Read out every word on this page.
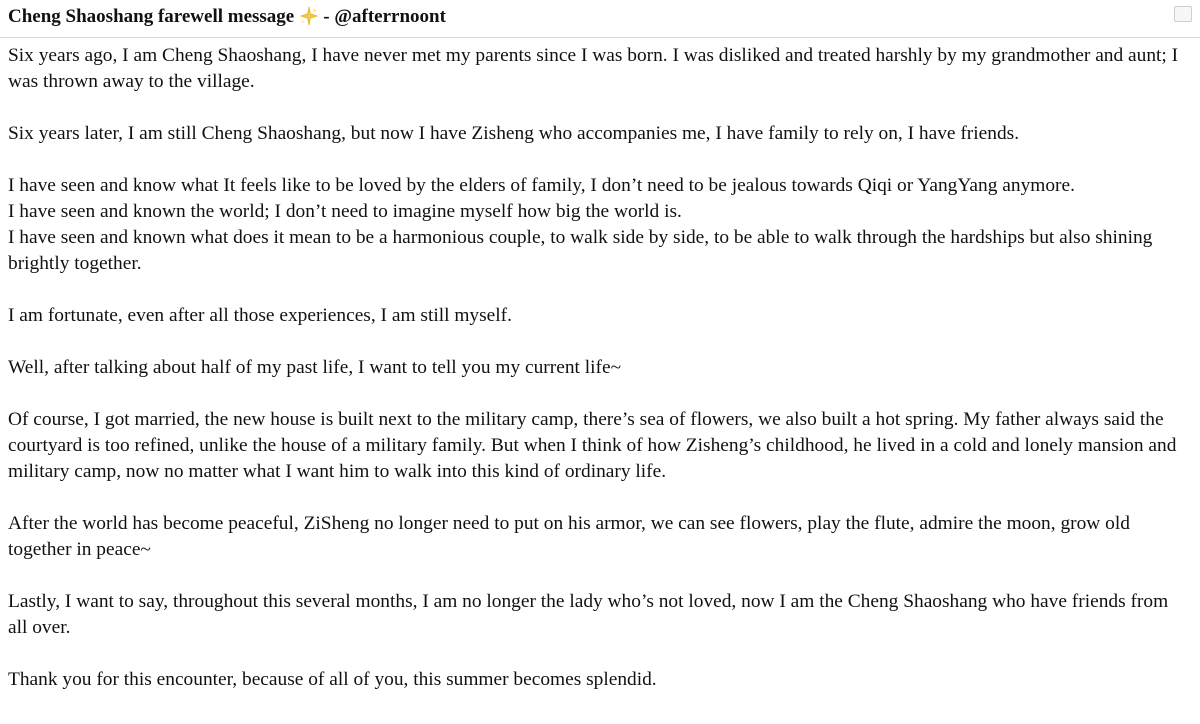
Cheng Shaoshang farewell message - @afterrnoont

Six years ago, I am Cheng Shaoshang, I have never met my parents since I was born. I was disliked and treated harshly by my grandmother and aunt; I was thrown away to the village.

Six years later, I am still Cheng Shaoshang, but now I have Zisheng who accompanies me, I have family to rely on, I have friends.

I have seen and know what It feels like to be loved by the elders of family, I don’t need to be jealous towards Qiqi or YangYang anymore.

I have seen and known the world; I don’t need to imagine myself how big the world is.

I have seen and known what does it mean to be a harmonious couple, to walk side by side, to be able to walk through the hardships but also shining brightly together.

I am fortunate, even after all those experiences, I am still myself.

Well, after talking about half of my past life, I want to tell you my current life~

Of course, I got married, the new house is built next to the military camp, there’s sea of flowers, we also built a hot spring. My father always said the courtyard is too refined, unlike the house of a military family. But when I think of how Zisheng’s childhood, he lived in a cold and lonely mansion and military camp, now no matter what I want him to walk into this kind of ordinary life.

After the world has become peaceful, ZiSheng no longer need to put on his armor, we can see flowers, play the flute, admire the moon, grow old together in peace~

Lastly, I want to say, throughout this several months, I am no longer the lady who’s not loved, now I am the Cheng Shaoshang who have friends from all over.

Thank you for this encounter, because of all of you, this summer becomes splendid.
